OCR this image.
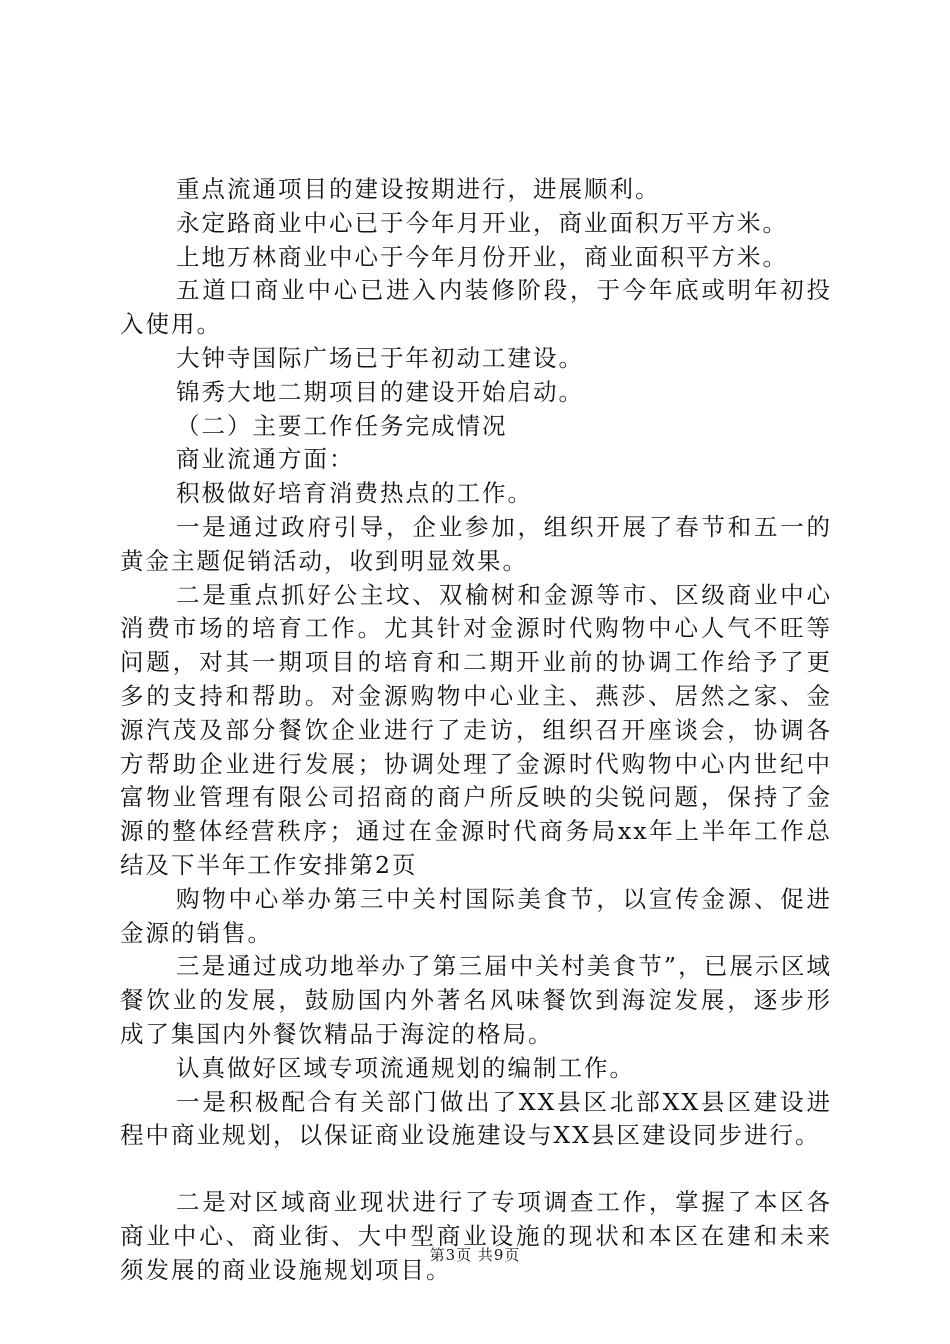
重点流通项目的建设按期进行，进展顺利。

永定路商业中心已于今年月开业，商业面积万平方米。

上地万林商业中心于今年月份开业，商业面积平方米。

五道口商业中心已进入内装修阶段，于今年底或明年初投入使用。

大钟寺国际广场已于年初动工建设。

锦秀大地二期项目的建设开始启动。

（二）主要工作任务完成情况

商业流通方面：

积极做好培育消费热点的工作。

一是通过政府引导，企业参加，组织开展了春节和五一的黄金主题促销活动，收到明显效果。

二是重点抓好公主坟、双榆树和金源等市、区级商业中心消费市场的培育工作。尤其针对金源时代购物中心人气不旺等问题，对其一期项目的培育和二期开业前的协调工作给予了更多的支持和帮助。对金源购物中心业主、燕莎、居然之家、金源汽茂及部分餐饮企业进行了走访，组织召开座谈会，协调各方帮助企业进行发展；协调处理了金源时代购物中心内世纪中富物业管理有限公司招商的商户所反映的尖锐问题，保持了金源的整体经营秩序；通过在金源时代商务局xx年上半年工作总结及下半年工作安排第2页

购物中心举办第三中关村国际美食节，以宣传金源、促进金源的销售。

三是通过成功地举办了第三届中关村美食节”，已展示区域餐饮业的发展，鼓励国内外著名风味餐饮到海淀发展，逐步形成了集国内外餐饮精品于海淀的格局。

认真做好区域专项流通规划的编制工作。

一是积极配合有关部门做出了XX县区北部XX县区建设进程中商业规划，以保证商业设施建设与XX县区建设同步进行。

二是对区域商业现状进行了专项调查工作，掌握了本区各商业中心、商业街、大中型商业设施的现状和本区在建和未来须发展的商业设施规划项目。

第3页 共9页
